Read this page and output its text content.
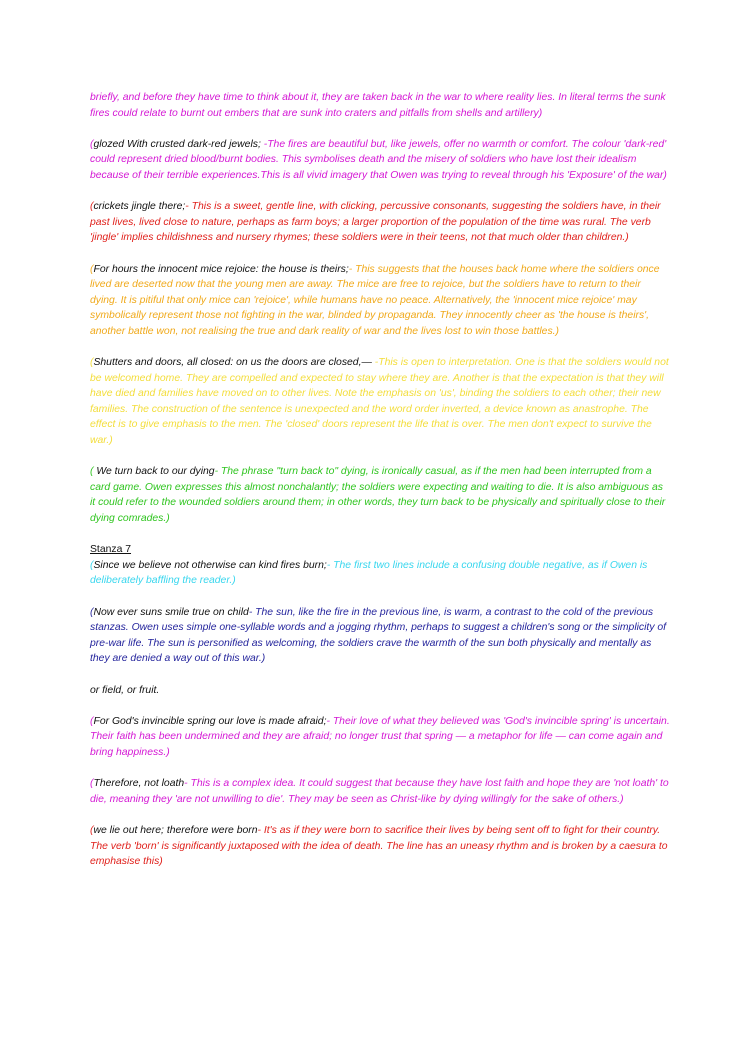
briefly, and before they have time to think about it, they are taken back in the war to where reality lies. In literal terms the sunk fires could relate to burnt out embers that are sunk into craters and pitfalls from shells and artillery)

(glozed With crusted dark-red jewels; -The fires are beautiful but, like jewels, offer no warmth or comfort. The colour 'dark-red' could represent dried blood/burnt bodies. This symbolises death and the misery of soldiers who have lost their idealism because of their terrible experiences.This is all vivid imagery that Owen was trying to reveal through his 'Exposure' of the war)

(crickets jingle there;- This is a sweet, gentle line, with clicking, percussive consonants, suggesting the soldiers have, in their past lives, lived close to nature, perhaps as farm boys; a larger proportion of the population of the time was rural. The verb 'jingle' implies childishness and nursery rhymes; these soldiers were in their teens, not that much older than children.)

(For hours the innocent mice rejoice: the house is theirs;- This suggests that the houses back home where the soldiers once lived are deserted now that the young men are away. The mice are free to rejoice, but the soldiers have to return to their dying. It is pitiful that only mice can 'rejoice', while humans have no peace. Alternatively, the 'innocent mice rejoice' may symbolically represent those not fighting in the war, blinded by propaganda. They innocently cheer as 'the house is theirs', another battle won, not realising the true and dark reality of war and the lives lost to win those battles.)

(Shutters and doors, all closed: on us the doors are closed,— -This is open to interpretation. One is that the soldiers would not be welcomed home. They are compelled and expected to stay where they are. Another is that the expectation is that they will have died and families have moved on to other lives. Note the emphasis on 'us', binding the soldiers to each other; their new families. The construction of the sentence is unexpected and the word order inverted, a device known as anastrophe. The effect is to give emphasis to the men. The 'closed' doors represent the life that is over. The men don't expect to survive the war.)

( We turn back to our dying- The phrase "turn back to" dying, is ironically casual, as if the men had been interrupted from a card game. Owen expresses this almost nonchalantly; the soldiers were expecting and waiting to die. It is also ambiguous as it could refer to the wounded soldiers around them; in other words, they turn back to be physically and spiritually close to their dying comrades.)

Stanza 7

(Since we believe not otherwise can kind fires burn;- The first two lines include a confusing double negative, as if Owen is deliberately baffling the reader.)

(Now ever suns smile true on child- The sun, like the fire in the previous line, is warm, a contrast to the cold of the previous stanzas. Owen uses simple one-syllable words and a jogging rhythm, perhaps to suggest a children's song or the simplicity of pre-war life. The sun is personified as welcoming, the soldiers crave the warmth of the sun both physically and mentally as they are denied a way out of this war.)

or field, or fruit.

(For God's invincible spring our love is made afraid;- Their love of what they believed was 'God's invincible spring' is uncertain. Their faith has been undermined and they are afraid; no longer trust that spring — a metaphor for life — can come again and bring happiness.)

(Therefore, not loath- This is a complex idea. It could suggest that because they have lost faith and hope they are 'not loath' to die, meaning they 'are not unwilling to die'. They may be seen as Christ-like by dying willingly for the sake of others.)

(we lie out here; therefore were born- It's as if they were born to sacrifice their lives by being sent off to fight for their country. The verb 'born' is significantly juxtaposed with the idea of death. The line has an uneasy rhythm and is broken by a caesura to emphasise this)
